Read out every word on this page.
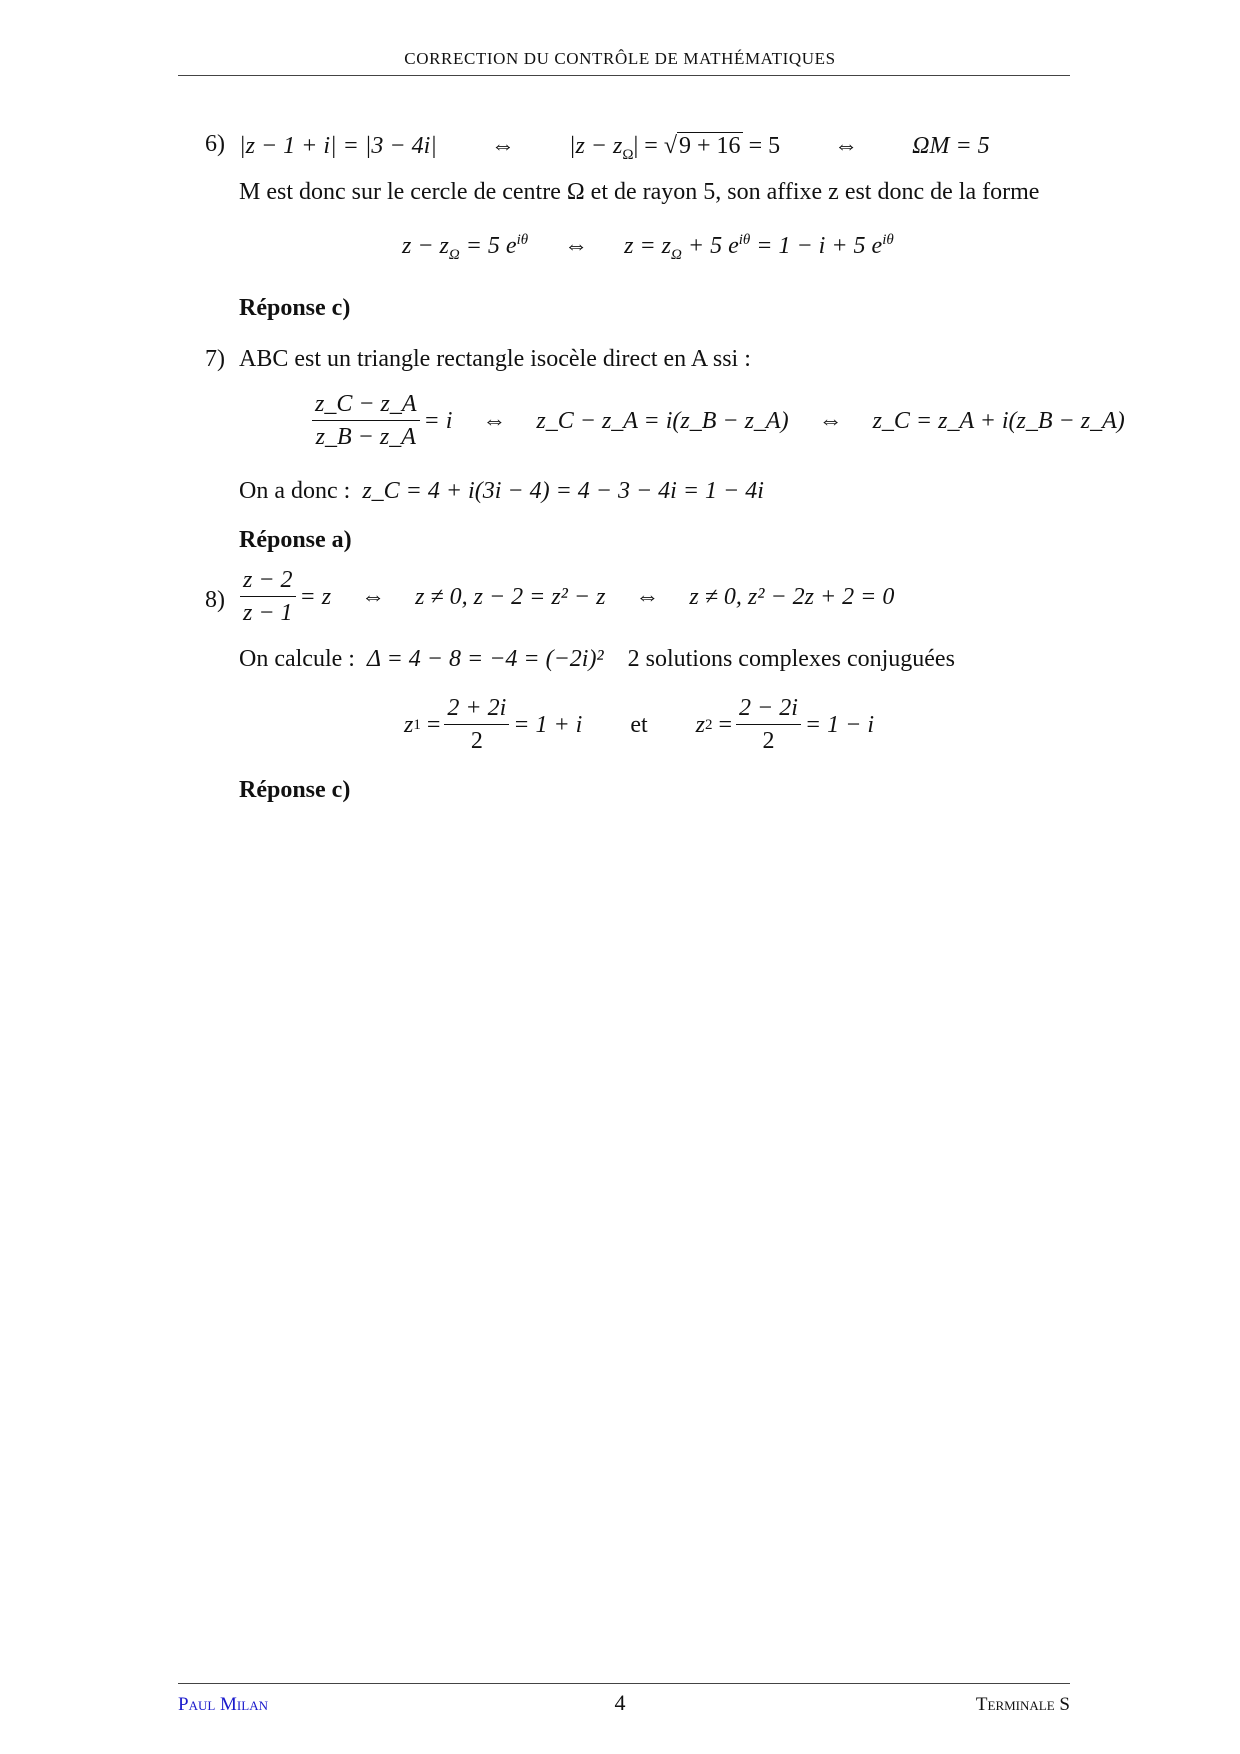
CORRECTION DU CONTRÔLE DE MATHÉMATIQUES
6) |z − 1 + i| = |3 − 4i| ⇔ $|z - z_\Omega| = √9 + 16 = 5$ ⇔ ΩM = 5
M est donc sur le cercle de centre Ω et de rayon 5, son affixe z est donc de la forme
$z - z_\Omega = 5$ $e^{i\theta}$ ⇔ $z = z_\Omega + 5$ $e^{i\theta} = 1 - i + 5$ $e^{i\theta}$
Réponse c)
7) ABC est un triangle rectangle isocèle direct en A ssi :
$\frac{z\_C - z\_A}{z\_B - z\_A} = i$ ⇔ z_C − z_A = i(z_B − z_A) ⇔ z_C = z_A + i(z_B − z_A)
On a donc : z_C = 4 + i(3i − 4) = 4 − 3 − 4i = 1 − 4i
Réponse a)
$8) \frac{z - 2}{z - 1} = z$ ⇔ z ≠ 0, z − 2 = z² − z ⇔ z ≠ 0, z² − 2z + 2 = 0
On calcule : Δ = 4 − 8 = −4 = (−2i)² 2 solutions complexes conjuguées
z $1 = \frac{2 + 2i}{2} = 1 + i$ et z $2 = \frac{2 - 2i}{2} = 1 - i$
Réponse c)
Paul Milan	4	Terminale S
